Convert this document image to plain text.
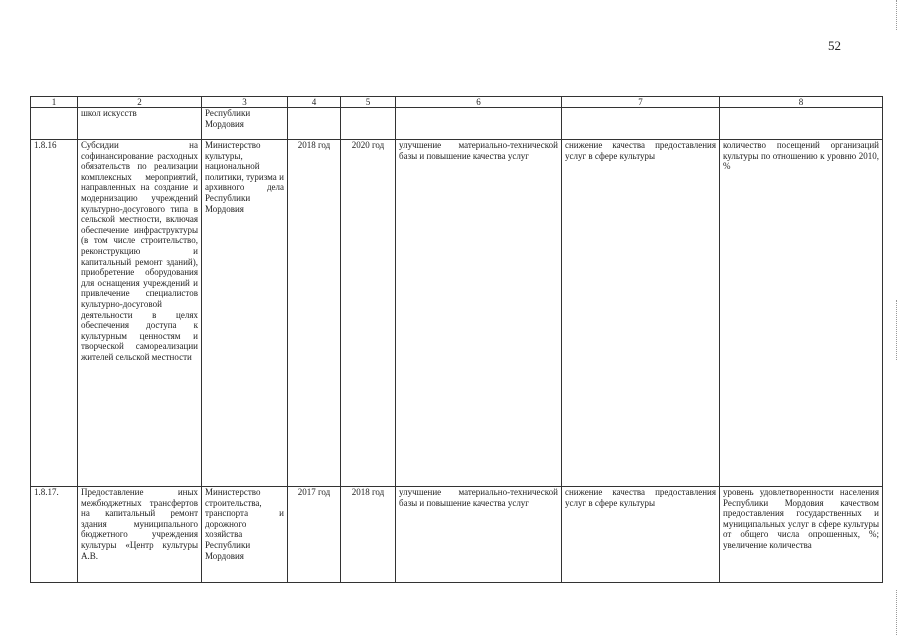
52
1	2	3	4	5	6	7	8
	школ искусств	Республики Мордовия					
1.8.16	Субсидии на софинансирование расходных обязательств по реализации комплексных мероприятий, направленных на создание и модернизацию учреждений культурно-досугового типа в сельской местности, включая обеспечение инфраструктуры (в том числе строительство, реконструкцию и капитальный ремонт зданий), приобретение оборудования для оснащения учреждений и привлечение специалистов культурно-досуговой деятельности в целях обеспечения доступа к культурным ценностям и творческой самореализации жителей сельской местности	Министерство культуры, национальной политики, туризма и архивного дела Республики Мордовия	2018 год	2020 год	улучшение материально-технической базы и повышение качества услуг	снижение качества предоставления услуг в сфере культуры	количество посещений организаций культуры по отношению к уровню 2010, %
1.8.17.	Предоставление иных межбюджетных трансфертов на капитальный ремонт здания муниципального бюджетного учреждения культуры «Центр культуры А.В.	Министерство строительства, транспорта и дорожного хозяйства Республики Мордовия	2017 год	2018 год	улучшение материально-технической базы и повышение качества услуг	снижение качества предоставления услуг в сфере культуры	уровень удовлетворенности населения Республики Мордовия качеством предоставления государственных и муниципальных услуг в сфере культуры от общего числа опрошенных, %; увеличение количества
